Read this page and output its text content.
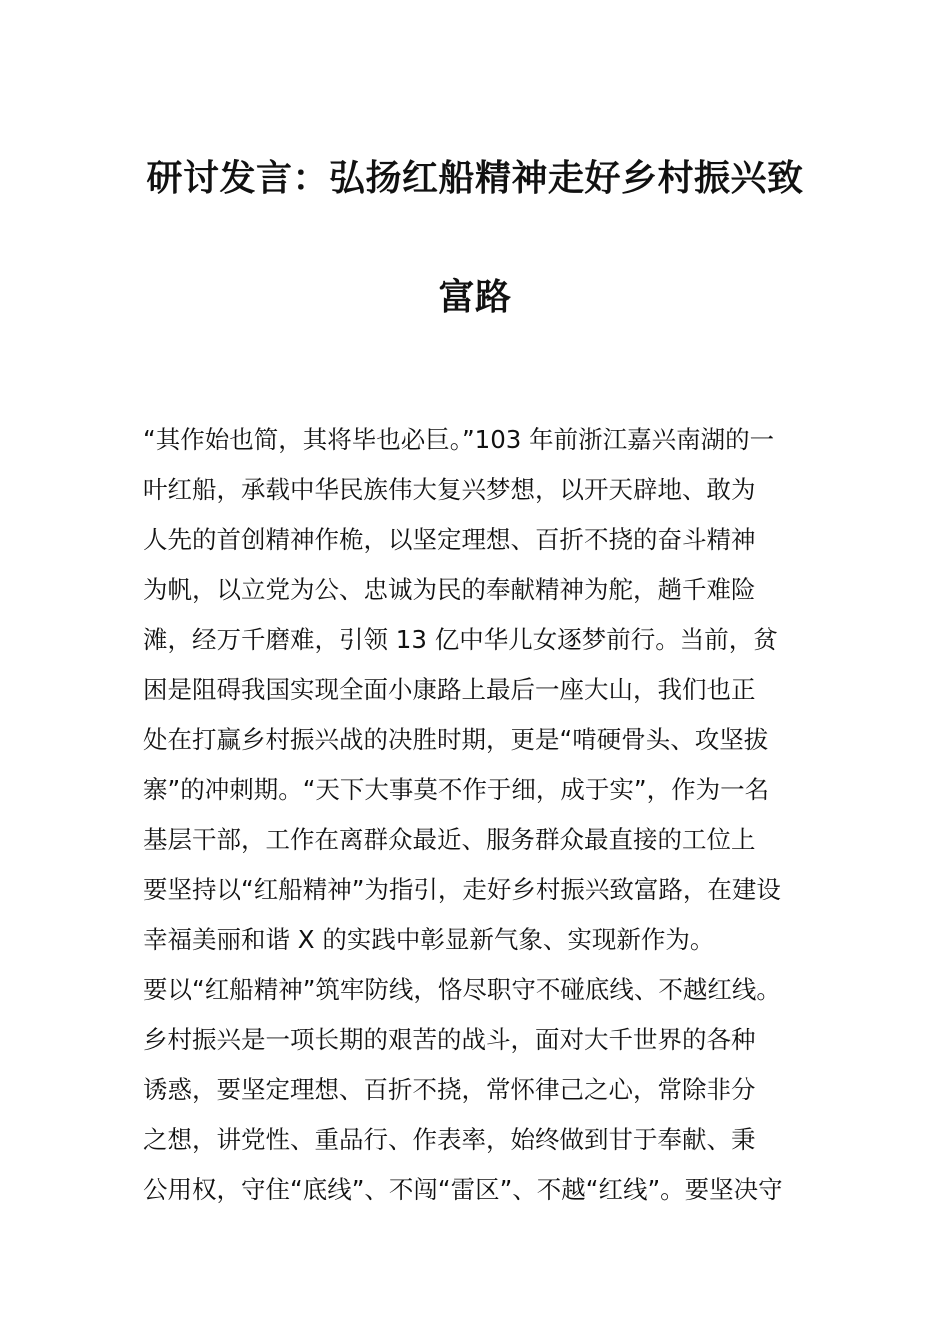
研讨发言：弘扬红船精神走好乡村振兴致
富路

“其作始也简，其将毕也必巨。”103 年前浙江嘉兴南湖的一

叶红船，承载中华民族伟大复兴梦想，以开天辟地、敢为

人先的首创精神作桅，以坚定理想、百折不挠的奋斗精神

为帆，以立党为公、忠诚为民的奉献精神为舵，趟千难险

滩，经万千磨难，引领 13 亿中华儿女逐梦前行。当前，贫

困是阻碍我国实现全面小康路上最后一座大山，我们也正

处在打赢乡村振兴战的决胜时期，更是“啃硬骨头、攻坚拔

寨”的冲刺期。“天下大事莫不作于细，成于实”，作为一名

基层干部，工作在离群众最近、服务群众最直接的工位上

要坚持以“红船精神”为指引，走好乡村振兴致富路，在建设

幸福美丽和谐 X 的实践中彰显新气象、实现新作为。

要以“红船精神”筑牢防线，恪尽职守不碰底线、不越红线。

乡村振兴是一项长期的艰苦的战斗，面对大千世界的各种

诱惑，要坚定理想、百折不挠，常怀律己之心，常除非分

之想，讲党性、重品行、作表率，始终做到甘于奉献、秉

公用权，守住“底线”、不闯“雷区”、不越“红线”。要坚决守
